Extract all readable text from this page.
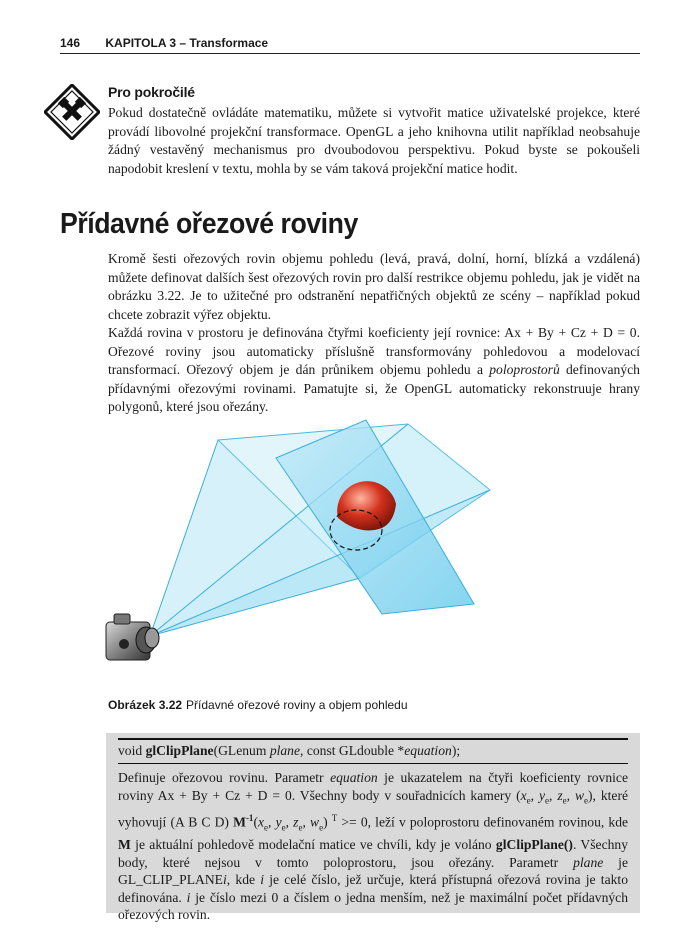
146 KAPITOLA 3 – Transformace
Pro pokročilé
Pokud dostatečně ovládáte matematiku, můžete si vytvořit matice uživatelské projekce, které provádí libovolné projekční transformace. OpenGL a jeho knihovna utilit například neobsahuje žádný vestavěný mechanismus pro dvoubodovou perspektivu. Pokud byste se pokoušeli napodobit kreslení v textu, mohla by se vám taková projekční matice hodit.
Přídavné ořezové roviny
Kromě šesti ořezových rovin objemu pohledu (levá, pravá, dolní, horní, blízká a vzdálená) můžete definovat dalších šest ořezových rovin pro další restrikce objemu pohledu, jak je vidět na obrázku 3.22. Je to užitečné pro odstranění nepatřičných objektů ze scény – například pokud chcete zobrazit výřez objektu.
Každá rovina v prostoru je definována čtyřmi koeficienty její rovnice: Ax + By + Cz + D = 0. Ořezové roviny jsou automaticky příslušně transformovány pohledovou a modelovací transformací. Ořezový objem je dán průnikem objemu pohledu a poloprostorů definovaných přídavnými ořezovými rovinami. Pamatujte si, že OpenGL automaticky rekonstruuje hrany polygonů, které jsou ořezány.
Obrázek 3.22 Přídavné ořezové roviny a objem pohledu
void glClipPlane(GLenum plane, const GLdouble *equation);
Definuje ořezovou rovinu. Parametr equation je ukazatelem na čtyři koeficienty rovnice roviny Ax + By + Cz + D = 0. Všechny body v souřadnicích kamery ($x_e$, $y_e$, $z_e$, $w_e$), které vyhovují (A B C D) $M^{-1}(x_e$, $y_e$, $z_e$, $w_e$) $^T$ >= 0, leží v poloprostoru definovaném rovinou, kde M je aktuální pohledově modelační matice ve chvíli, kdy je voláno glClipPlane(). Všechny body, které nejsou v tomto poloprostoru, jsou ořezány. Parametr plane je GL_CLIP_PLANEi, kde i je celé číslo, jež určuje, která přístupná ořezová rovina je takto definována. i je číslo mezi 0 a číslem o jedna menším, než je maximální počet přídavných ořezových rovin.
